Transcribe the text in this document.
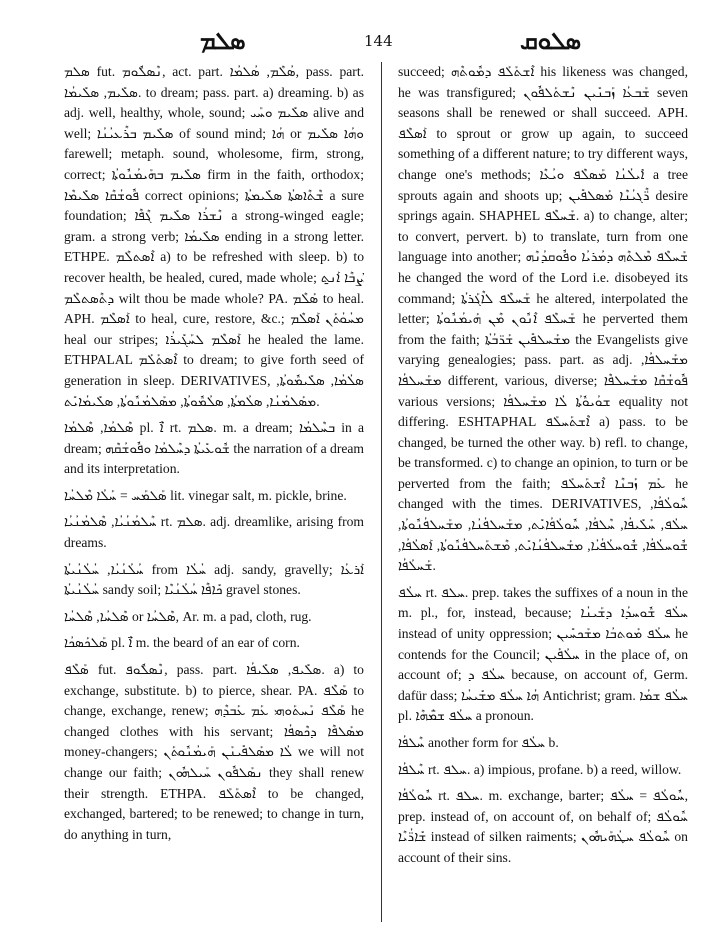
ܣܠܡ	144	ܣܠܘܩ

ܣܠܡ fut. ܢܶܣܠܽܘܡ, act. part. ܣܳܠܶܡ, ܣܳܠܡܳܐ, pass. part. ܣܠܺܝܡ, ܣܠܺܝܡܳܐ. to dream; pass. part. a) dreaming. b) as adj. well, healthy, whole, sound; ܣܠܺܝܡ ܘܚܰܝ alive and well; ܣܠܺܝܡ ܒܪܶܥܝܳܢܳܐ of sound mind; ܗܳܐ or ܘܗܳܐ ܣܠܺܝܡ farewell; metaph. sound, wholesome, firm, strong, correct; ܣܠܺܝܡ ܒܗܰܝܡܳܢܽܘܬܳܐ firm in the faith, orthodox; ܦܽܘܫܳܩܶܐ ܣܠܺܝܡܶܐ correct opinions; ܫܶܬܶܐܣܬܳܐ ܣܠܺܝܡܬܳܐ a sure foundation; ܢܶܫܪܳܐ ܣܠܺܝܡ ܓܶܦܶܐ a strong-winged eagle; gram. a strong verb; ܣܠܺܝܡܳܐ ending in a strong letter. ETHPE. ܐܶܣܬܠܶܡ a) to be refreshed with sleep. b) to recover health, be healed, cured, made whole; ܨܳܒܶܐ ܐܰܢ̱ܬ ܕܬܶܣܬܠܶܡ wilt thou be made whole? PA. ܣܰܠܶܡ to heal. APH. ܐܰܣܠܶܡ to heal, cure, restore, &c.; ܡܚܳܘܳܬܰܢ ܐܰܣܠܶܡ heal our stripes; ܐܰܣܠܶܡ ܠܚܰܓܺܝܪܳܐ he healed the lame. ETHPALAL ܐܶܣܬܰܠܰܡ to dream; to give forth seed of generation in sleep. DERIVATIVES, ܣܠܳܡܳܐ, ܣܠܺܝܡܽܘܬܳܐ, ܡܣܰܠܡܳܢܳܐ, ܣܠܳܡܬܳܐ, ܣܠܳܡܽܘܬܳܐ, ܡܣܰܠܡܳܢܽܘܬܳܐ, ܣܠܺܝܡܳܐܝܺܬ.

ܣܶܠܡܳܐ, ܣܶܠܡܳܐ pl. ܐ̈ܶ rt. ܣܠܡ. m. a dream; ܒܚܶܠܡܳܐ in a dream; ܫܽܘܥܺܝܬܳܐ ܕܚܶܠܡܳܐ ܘܦܽܘܫܳܩܶܗ the narration of a dream and its interpretation.

ܣܰܠܡܰܚ = ܚܰܠܳܐ ܡܶܠܚܳܐ lit. vinegar salt, m. pickle, brine.

ܚܶܠܡܳܢܳܝܳܐ, ܣܶܠܡܳܢܳܝܳܐ rt. ܣܠܡ. adj. dreamlike, arising from dreams.

ܚܳܠܳܢܳܝܳܐ, ܚܳܠܳܢܳܝܬܳܐ from ܚܳܠܳܐ adj. sandy, gravelly; ܐܰܪܥܳܐ ܚܳܠܳܢܳܝܬܳܐ sandy soil; ܟܺܐܦܶܐ ܚܳܠܳܢܳܝܶܐ gravel stones.

ܣܶܠܚܳܐ, ܣܶܠܚܳܐ or ܣܶܠܚܳܐ, Ar. m. a pad, cloth, rug.

ܣܰܠܟܰܣܟܳܐ pl. ܐ̈ܶ m. the beard of an ear of corn.

ܣܰܠܶܦ fut. ܢܶܣܠܽܘܦ, pass. part. ܣܠܺܝܦ, ܣܠܺܝܦܳܐ. a) to exchange, substitute. b) to pierce, shear. PA. ܣܰܠܶܦ to change, exchange, renew; ܣܰܠܶܦ ܢܰܚܬܰܘܗܝ ܥܰܡ ܥܰܒܕܶܗ he changed clothes with his servant; ܡܣܰܠܦܶܐ ܕܟܶܣܦܳܐ money-changers; ܠܳܐ ܡܣܰܠܦܺܝܢܰܢ ܗܰܝܡܳܢܽܘܬܰܢ we will not change our faith; ܢܣܰܠܦܽܘܢ ܚܰܝܠܗܽܘܢ they shall renew their strength. ETHPA. ܐܶܣܬܰܠܰܦ to be changed, exchanged, bartered; to be renewed; to change in turn, do anything in turn,

succeed; ܐܶܫܬܰܠܰܦ ܕܡܽܘܬܶܗ his likeness was changed, he was transfigured; ܫܰܒܥܳܐ ܙܰܒܢܺܝܢ ܢܶܫܬܰܠܦܽܘܢ seven seasons shall be renewed or shall succeed. APH. ܐܰܣܠܶܦ to sprout or grow up again, to succeed something of a different nature; to try different ways, change one's methods; ܐܺܝܠܳܢܳܐ ܡܰܣܠܶܦ ܘܝܳܥܶܐ a tree sprouts again and shoots up; ܪ̈ܶܓܝܳܢܶܐ ܡܰܣܠܦܺܝܢ desire springs again. SHAPHEL ܫܰܚܠܶܦ. a) to change, alter; to convert, pervert. b) to translate, turn from one language into another; ܫܰܚܠܶܦ ܡܶܠܬܶܗ ܕܡܳܪܝܳܐ ܘܦܽܘܩܕܳܢܶܗ he changed the word of the Lord i.e. disobeyed its command; ܫܰܚܠܶܦ ܠܐܶܓܰܪܬܳܐ he altered, interpolated the letter; ܫܰܚܠܶܦ ܐܶܢܽܘܢ ܡܶܢ ܗܰܝܡܳܢܽܘܬܳܐ he perverted them from the faith; ܡܫܰܚܠܦܺܝܢ ܫܰܪ̈ܒܳܬܳܐ the Evangelists give varying genealogies; pass. part. as adj. ܡܫܰܚܠܦܳܐ, ܡܫܰܚܠܦܳܐ different, various, diverse; ܦܽܘܫܳܩܶܐ ܡܫܰܚܠܦܶܐ various versions; ܫܘܳܝܘܽܬܳܐ ܠܳܐ ܡܫܰܚܠܦܳܐ equality not differing. ESHTAPHAL ܐܶܫܬܰܚܠܰܦ a) pass. to be changed, be turned the other way. b) refl. to change, be transformed. c) to change an opinion, to turn or be perverted from the faith; ܥܰܡ ܙܰܒܢܶܐ ܐܶܫܬܰܚܠܰܦ he changed with the times. DERIVATIVES, ܚܽܘܠܳܦܳܐ, ܚܠܳܦ, ܚܰܠܺܝܦܳܐ, ܚܶܠܦܳܐ, ܚܽܘܠܳܦܳܐܝܺܬ, ܡܫܰܚܠܦܳܢܳܐ, ܡܫܰܚܠܦܳܢܽܘܬܳܐ, ܫܽܘܚܠܳܦܳܐ, ܫܽܘܚܠܳܦܳܝܳܐ, ܡܫܰܚܠܦܳܢܳܐܝܺܬ, ܡܶܫܬܰܚܠܦܳܢܽܘܬܳܐ, ܐܰܣܠܳܦܳܐ, ܫܰܚܠܳܦܳܐ.

ܚܠܳܦ rt. ܚܠܦ. prep. takes the suffixes of a noun in the m. pl., for, instead, because; ܚܠܳܦ ܫܽܘܚܕܳܐ ܕܫܰܝܢܳܐ instead of unity oppression; ܚܠܳܦ ܡܰܘܬܒܳܐ ܡܫܰܟܚܺܝܢ he contends for the Council; ܚܠܳܦܰܝܢ in the place of, on account of; ܚܠܳܦ ܕ because, on account of, Germ. dafür dass; ܗܳܐ ܚܠܳܦ ܡܫܺܝܚܳܐ Antichrist; gram. ܚܠܳܦ ܫܡܳܐ pl. ܚܠܳܦ ܫܡ̈ܳܗܶܐ a pronoun.

ܚܶܠܦܳܐ another form for ܚܠܳܦ b.

ܚܶܠܦܳܐ rt. ܚܠܦ. a) impious, profane. b) a reed, willow.

ܚܽܘܠܳܦܳܐ rt. ܚܠܦ. m. exchange, barter; ܚܽܘܠܳܦ = ܚܠܳܦ, prep. instead of, on account of, on behalf of; ܚܽܘܠܳܦ ܫܺܐܪ̈ܳܝܶܐ instead of silken raiments; ܚܽܘܠܳܦ ܚܛܳܗܰܝܗܽܘܢ on account of their sins.
